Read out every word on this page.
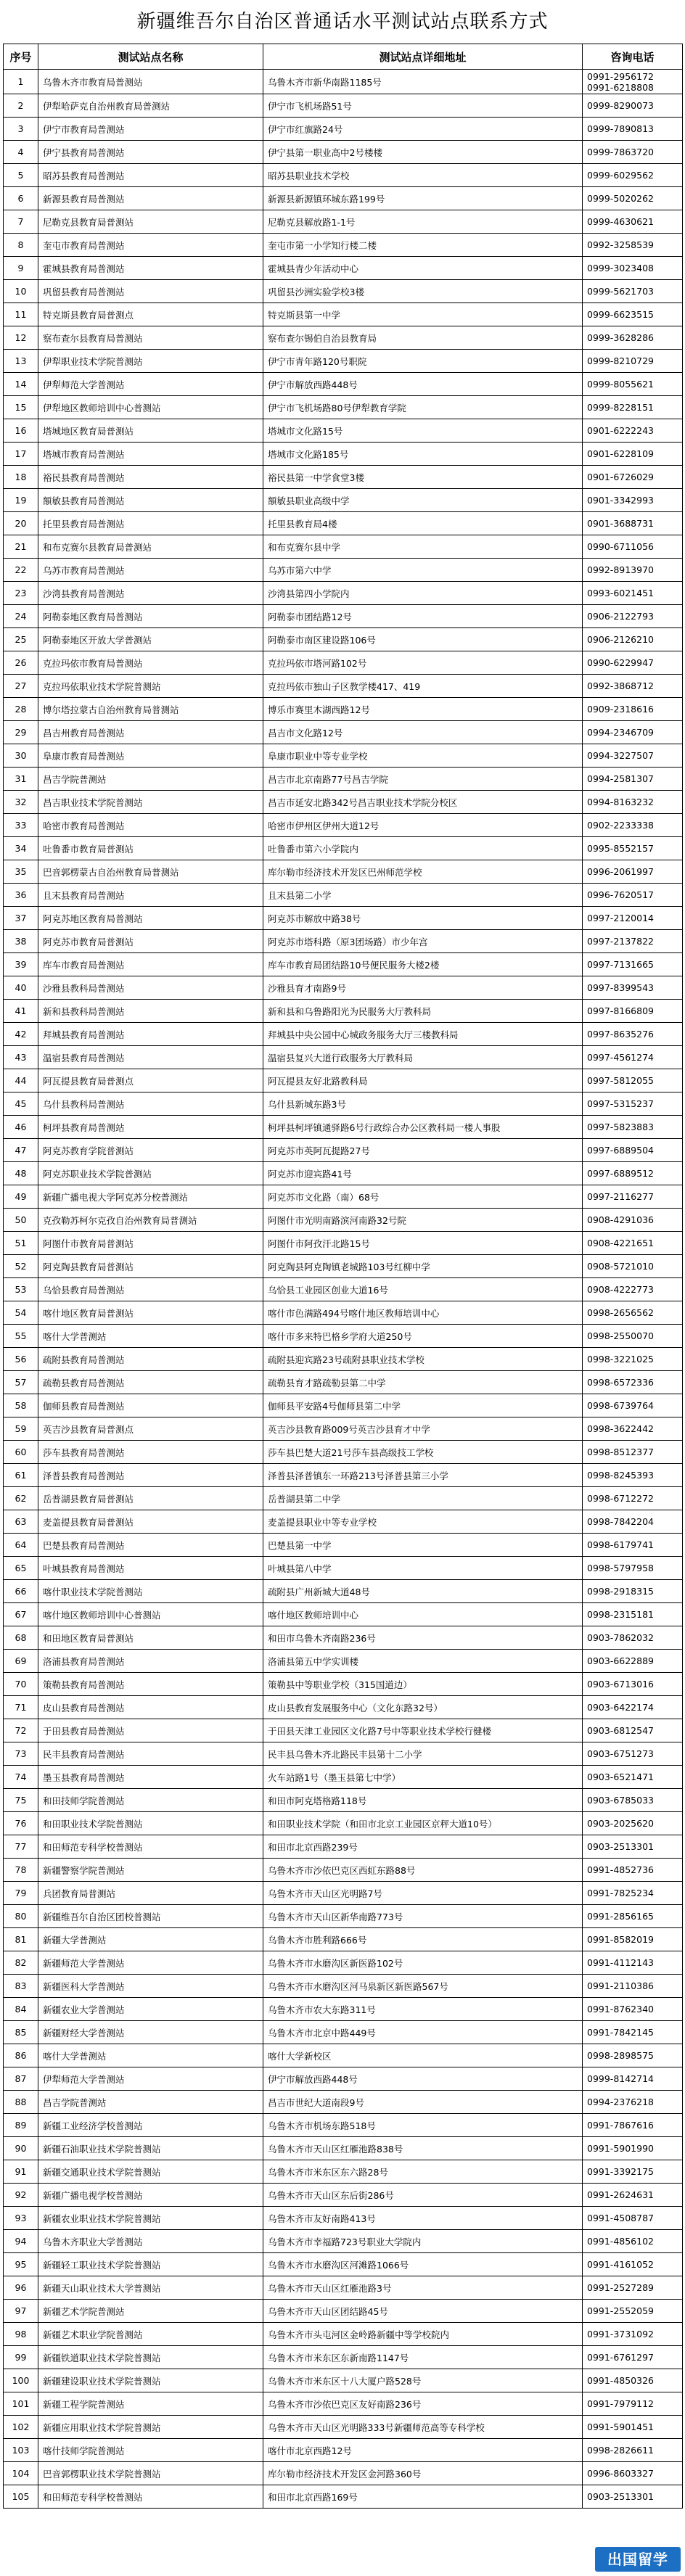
新疆维吾尔自治区普通话水平测试站点联系方式
序号	测试站点名称	测试站点详细地址	咨询电话
1	乌鲁木齐市教育局普测站	乌鲁木齐市新华南路1185号	0991-2956172
0991-6218808

2	伊犁哈萨克自治州教育局普测站	伊宁市飞机场路51号	0999-8290073

3	伊宁市教育局普测站	伊宁市红旗路24号	0999-7890813

4	伊宁县教育局普测站	伊宁县第一职业高中2号楼楼	0999-7863720

5	昭苏县教育局普测站	昭苏县职业技术学校	0999-6029562

6	新源县教育局普测站	新源县新源镇环城东路199号	0999-5020262

7	尼勒克县教育局普测站	尼勒克县解放路1-1号	0999-4630621

8	奎屯市教育局普测站	奎屯市第一小学知行楼二楼	0992-3258539

9	霍城县教育局普测站	霍城县青少年活动中心	0999-3023408

10	巩留县教育局普测站	巩留县沙洲实验学校3楼	0999-5621703

11	特克斯县教育局普测点	特克斯县第一中学	0999-6623515

12	察布查尔县教育局普测站	察布查尔锡伯自治县教育局	0999-3628286

13	伊犁职业技术学院普测站	伊宁市青年路120号职院	0999-8210729

14	伊犁师范大学普测站	伊宁市解放西路448号	0999-8055621

15	伊犁地区教师培训中心普测站	伊宁市飞机场路80号伊犁教育学院	0999-8228151

16	塔城地区教育局普测站	塔城市文化路15号	0901-6222243

17	塔城市教育局普测站	塔城市文化路185号	0901-6228109

18	裕民县教育局普测站	裕民县第一中学食堂3楼	0901-6726029

19	額敏县教育局普测站	額敏县职业高级中学	0901-3342993

20	托里县教育局普测站	托里县教育局4楼	0901-3688731

21	和布克赛尔县教育局普测站	和布克赛尔县中学	0990-6711056

22	乌苏市教育局普测站	乌苏市第六中学	0992-8913970

23	沙湾县教育局普测站	沙湾县第四小学院内	0993-6021451

24	阿勒泰地区教育局普测站	阿勒泰市团结路12号	0906-2122793

25	阿勒泰地区开放大学普测站	阿勒泰市南区建设路106号	0906-2126210

26	克拉玛依市教育局普测站	克拉玛依市塔河路102号	0990-6229947

27	克拉玛依职业技术学院普测站	克拉玛依市独山子区教学楼417、419	0992-3868712

28	博尔塔拉蒙古自治州教育局普测站	博乐市赛里木湖西路12号	0909-2318616

29	昌吉州教育局普测站	昌吉市文化路12号	0994-2346709

30	阜康市教育局普测站	阜康市职业中等专业学校	0994-3227507

31	昌吉学院普测站	昌吉市北京南路77号昌吉学院	0994-2581307

32	昌吉职业技术学院普测站	昌吉市延安北路342号昌吉职业技术学院分校区	0994-8163232

33	哈密市教育局普测站	哈密市伊州区伊州大道12号	0902-2233338

34	吐鲁番市教育局普测站	吐鲁番市第六小学院内	0995-8552157

35	巴音郭楞蒙古自治州教育局普测站	库尔勒市经济技术开发区巴州师范学校	0996-2061997

36	且末县教育局普测站	且末县第二小学	0996-7620517

37	阿克苏地区教育局普测站	阿克苏市解放中路38号	0997-2120014

38	阿克苏市教育局普测站	阿克苏市塔科路（原3团场路）市少年宫	0997-2137822

39	库车市教育局普测站	库车市教育局团结路10号便民服务大楼2楼	0997-7131665

40	沙雅县教科局普测站	沙雅县育才南路9号	0997-8399543

41	新和县教科局普测站	新和县和乌鲁路阳光为民服务大厅教科局	0997-8166809

42	拜城县教育局普测站	拜城县中央公园中心城政务服务大厅三楼教科局	0997-8635276

43	温宿县教育局普测站	温宿县复兴大道行政服务大厅教科局	0997-4561274

44	阿瓦提县教育局普测点	阿瓦提县友好北路教科局	0997-5812055

45	乌什县教科局普测站	乌什县新城东路3号	0997-5315237

46	柯坪县教育局普测站	柯坪县柯坪镇通驿路6号行政综合办公区教科局一楼人事股	0997-5823883

47	阿克苏教育学院普测站	阿克苏市英阿瓦提路27号	0997-6889504

48	阿克苏职业技术学院普测站	阿克苏市迎宾路41号	0997-6889512

49	新疆广播电视大学阿克苏分校普测站	阿克苏市文化路（南）68号	0997-2116277

50	克孜勒苏柯尔克孜自治州教育局普测站	阿图什市光明南路滨河南路32号院	0908-4291036

51	阿图什市教育局普测站	阿图什市阿孜汗北路15号	0908-4221651

52	阿克陶县教育局普测站	阿克陶县阿克陶镇老城路103号红柳中学	0908-5721010

53	乌恰县教育局普测站	乌恰县工业园区创业大道16号	0908-4222773

54	喀什地区教育局普测站	喀什市色满路494号喀什地区教师培训中心	0998-2656562

55	喀什大学普测站	喀什市多来特巴格乡学府大道250号	0998-2550070

56	疏附县教育局普测站	疏附县迎宾路23号疏附县职业技术学校	0998-3221025

57	疏勒县教育局普测站	疏勒县育才路疏勒县第二中学	0998-6572336

58	伽师县教育局普测站	伽师县平安路4号伽师县第二中学	0998-6739764

59	英吉沙县教育局普测点	英吉沙县教育路009号英吉沙县育才中学	0998-3622442

60	莎车县教育局普测站	莎车县巴楚大道21号莎车县高级技工学校	0998-8512377

61	泽普县教育局普测站	泽普县泽普镇东一环路213号泽普县第三小学	0998-8245393

62	岳普湖县教育局普测站	岳普湖县第二中学	0998-6712272

63	麦盖提县教育局普测站	麦盖提县职业中等专业学校	0998-7842204

64	巴楚县教育局普测站	巴楚县第一中学	0998-6179741

65	叶城县教育局普测站	叶城县第八中学	0998-5797958

66	喀什职业技术学院普测站	疏附县广州新城大道48号	0998-2918315

67	喀什地区教师培训中心普测站	喀什地区教师培训中心	0998-2315181

68	和田地区教育局普测站	和田市乌鲁木齐南路236号	0903-7862032

69	洛浦县教育局普测站	洛浦县第五中学实训楼	0903-6622889

70	策勒县教育局普测站	策勒县中等职业学校（315国道边）	0903-6713016

71	皮山县教育局普测站	皮山县教育发展服务中心（文化东路32号）	0903-6422174

72	于田县教育局普测站	于田县天津工业园区文化路7号中等职业技术学校行健楼	0903-6812547

73	民丰县教育局普测站	民丰县乌鲁木齐北路民丰县第十二小学	0903-6751273

74	墨玉县教育局普测站	火车站路1号（墨玉县第七中学）	0903-6521471

75	和田技师学院普测站	和田市阿克塔格路118号	0903-6785033

76	和田职业技术学院普测站	和田职业技术学院（和田市北京工业园区京秤大道10号）	0903-2025620

77	和田师范专科学校普测站	和田市北京西路239号	0903-2513301

78	新疆警察学院普测站	乌鲁木齐市沙依巴克区西虹东路88号	0991-4852736

79	兵团教育局普测站	乌鲁木齐市天山区光明路7号	0991-7825234

80	新疆维吾尔自治区团校普测站	乌鲁木齐市天山区新华南路773号	0991-2856165

81	新疆大学普测站	乌鲁木齐市胜利路666号	0991-8582019

82	新疆师范大学普测站	乌鲁木齐市水磨沟区新医路102号	0991-4112143

83	新疆医科大学普测站	乌鲁木齐市水磨沟区河马泉新区新医路567号	0991-2110386

84	新疆农业大学普测站	乌鲁木齐市农大东路311号	0991-8762340

85	新疆财经大学普测站	乌鲁木齐市北京中路449号	0991-7842145

86	喀什大学普测站	喀什大学新校区	0998-2898575

87	伊犁师范大学普测站	伊宁市解放西路448号	0999-8142714

88	昌吉学院普测站	昌吉市世纪大道南段9号	0994-2376218

89	新疆工业经济学校普测站	乌鲁木齐市机场东路518号	0991-7867616

90	新疆石油职业技术学院普测站	乌鲁木齐市天山区红雁池路838号	0991-5901990

91	新疆交通职业技术学院普测站	乌鲁木齐市米东区东六路28号	0991-3392175

92	新疆广播电视学校普测站	乌鲁木齐市天山区东后街286号	0991-2624631

93	新疆农业职业技术学院普测站	乌鲁木齐市友好南路413号	0991-4508787

94	乌鲁木齐职业大学普测站	乌鲁木齐市幸福路723号职业大学院内	0991-4856102

95	新疆轻工职业技术学院普测站	乌鲁木齐市水磨沟区河滩路1066号	0991-4161052

96	新疆天山职业技术大学普测站	乌鲁木齐市天山区红雁池路3号	0991-2527289

97	新疆艺术学院普测站	乌鲁木齐市天山区团结路45号	0991-2552059

98	新疆艺术职业学院普测站	乌鲁木齐市头屯河区金岭路新疆中等学校院内	0991-3731092

99	新疆铁道职业技术学院普测站	乌鲁木齐市米东区东新南路1147号	0991-6761297

100	新疆建设职业技术学院普测站	乌鲁木齐市米东区十八大厦户路528号	0991-4850326

101	新疆工程学院普测站	乌鲁木齐市沙依巴克区友好南路236号	0991-7979112

102	新疆应用职业技术学院普测站	乌鲁木齐市天山区光明路333号新疆师范高等专科学校	0991-5901451

103	喀什技师学院普测站	喀什市北京西路12号	0998-2826611

104	巴音郭楞职业技术学院普测站	库尔勒市经济技术开发区金河路360号	0996-8603327

105	和田师范专科学校普测站	和田市北京西路169号	0903-2513301
出国留学
